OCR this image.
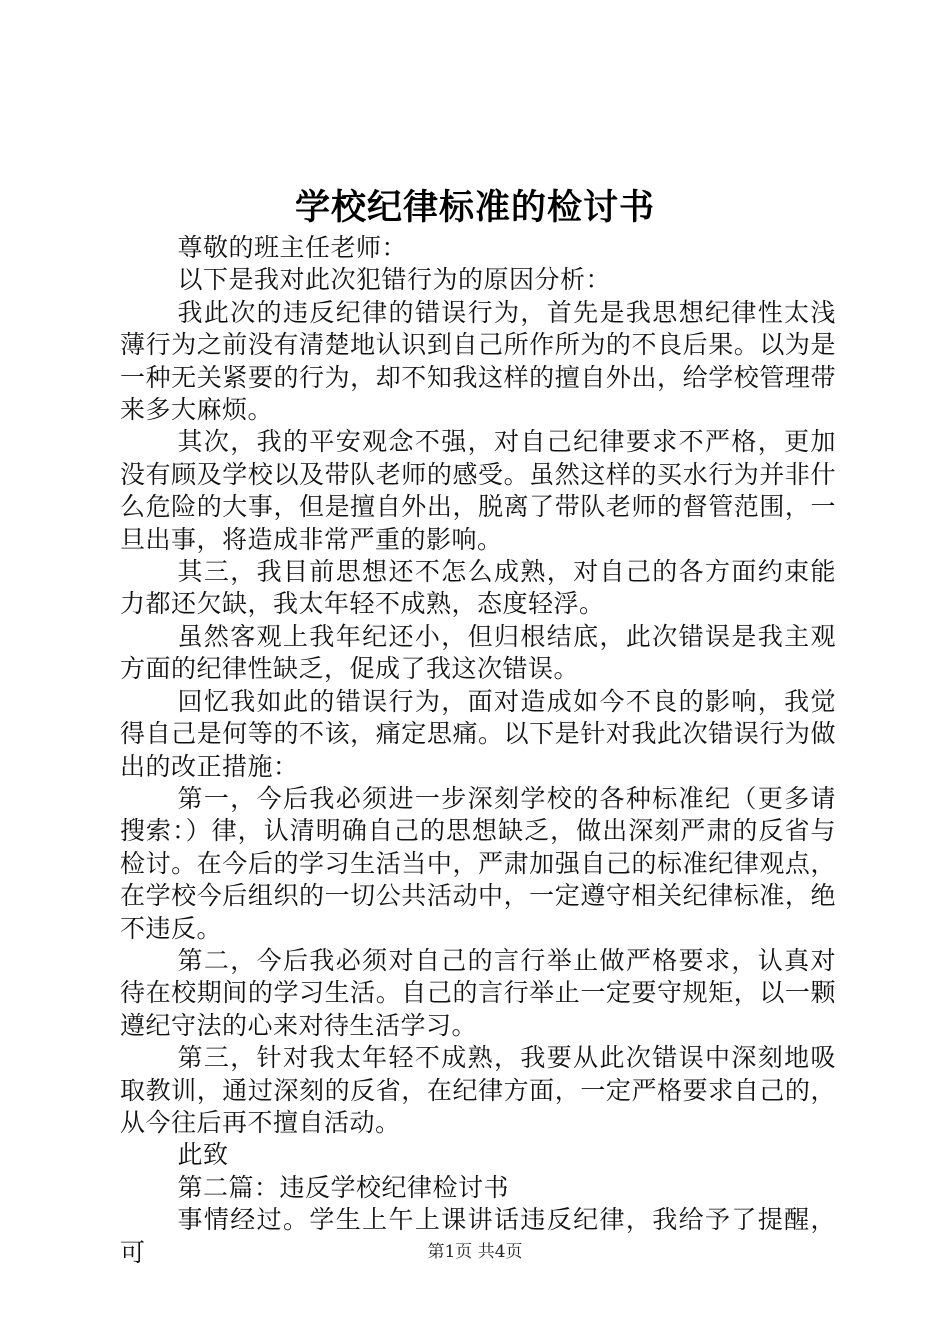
学校纪律标准的检讨书

尊敬的班主任老师：

以下是我对此次犯错行为的原因分析：

我此次的违反纪律的错误行为，首先是我思想纪律性太浅薄行为之前没有清楚地认识到自己所作所为的不良后果。以为是一种无关紧要的行为，却不知我这样的擅自外出，给学校管理带来多大麻烦。

其次，我的平安观念不强，对自己纪律要求不严格，更加没有顾及学校以及带队老师的感受。虽然这样的买水行为并非什么危险的大事，但是擅自外出，脱离了带队老师的督管范围，一旦出事，将造成非常严重的影响。

其三，我目前思想还不怎么成熟，对自己的各方面约束能力都还欠缺，我太年轻不成熟，态度轻浮。

虽然客观上我年纪还小，但归根结底，此次错误是我主观方面的纪律性缺乏，促成了我这次错误。

回忆我如此的错误行为，面对造成如今不良的影响，我觉得自己是何等的不该，痛定思痛。以下是针对我此次错误行为做出的改正措施：

第一，今后我必须进一步深刻学校的各种标准纪（更多请搜索：）律，认清明确自己的思想缺乏，做出深刻严肃的反省与检讨。在今后的学习生活当中，严肃加强自己的标准纪律观点，在学校今后组织的一切公共活动中，一定遵守相关纪律标准，绝不违反。

第二，今后我必须对自己的言行举止做严格要求，认真对待在校期间的学习生活。自己的言行举止一定要守规矩，以一颗遵纪守法的心来对待生活学习。

第三，针对我太年轻不成熟，我要从此次错误中深刻地吸取教训，通过深刻的反省，在纪律方面，一定严格要求自己的，从今往后再不擅自活动。

此致

第二篇：违反学校纪律检讨书

事情经过。学生上午上课讲话违反纪律，我给予了提醒，可	第1页 共4页
